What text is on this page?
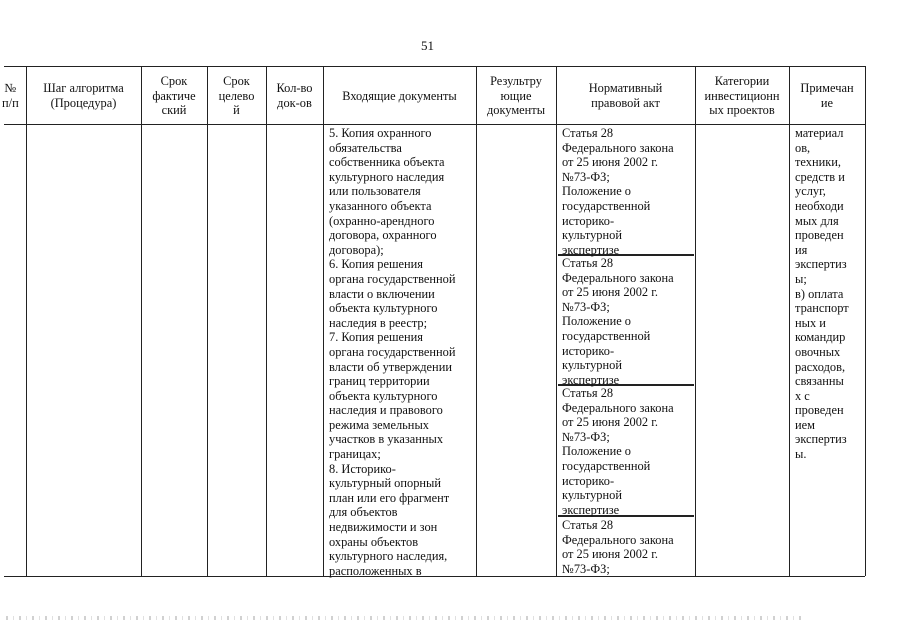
51
№
п/п
Шаг алгоритма
(Процедура)
Срок
фактиче
ский
Срок
целево
й
Кол-во
док-ов
Входящие документы
Результру
ющие
документы
Нормативный
правовой акт
Категории
инвестиционн
ых проектов
Примечан
ие
5. Копия охранного
обязательства
собственника объекта
культурного наследия
или пользователя
указанного объекта
(охранно-арендного
договора, охранного
договора);
6. Копия решения
органа государственной
власти о включении
объекта культурного
наследия в реестр;
7. Копия решения
органа государственной
власти об утверждении
границ территории
объекта культурного
наследия и правового
режима земельных
участков в указанных
границах;
8. Историко-
культурный опорный
план или его фрагмент
для объектов
недвижимости и зон
охраны объектов
культурного наследия,
расположенных в
Статья 28
Федерального закона
от 25 июня 2002 г.
№73-ФЗ;
Положение о
государственной
историко-
культурной
экспертизе
Статья 28
Федерального закона
от 25 июня 2002 г.
№73-ФЗ;
Положение о
государственной
историко-
культурной
экспертизе
Статья 28
Федерального закона
от 25 июня 2002 г.
№73-ФЗ;
Положение о
государственной
историко-
культурной
экспертизе
Статья 28
Федерального закона
от 25 июня 2002 г.
№73-ФЗ;
материал
ов,
техники,
средств и
услуг,
необходи
мых для
проведен
ия
экспертиз
ы;
в) оплата
транспорт
ных и
командир
овочных
расходов,
связанны
х с
проведен
ием
экспертиз
ы.
